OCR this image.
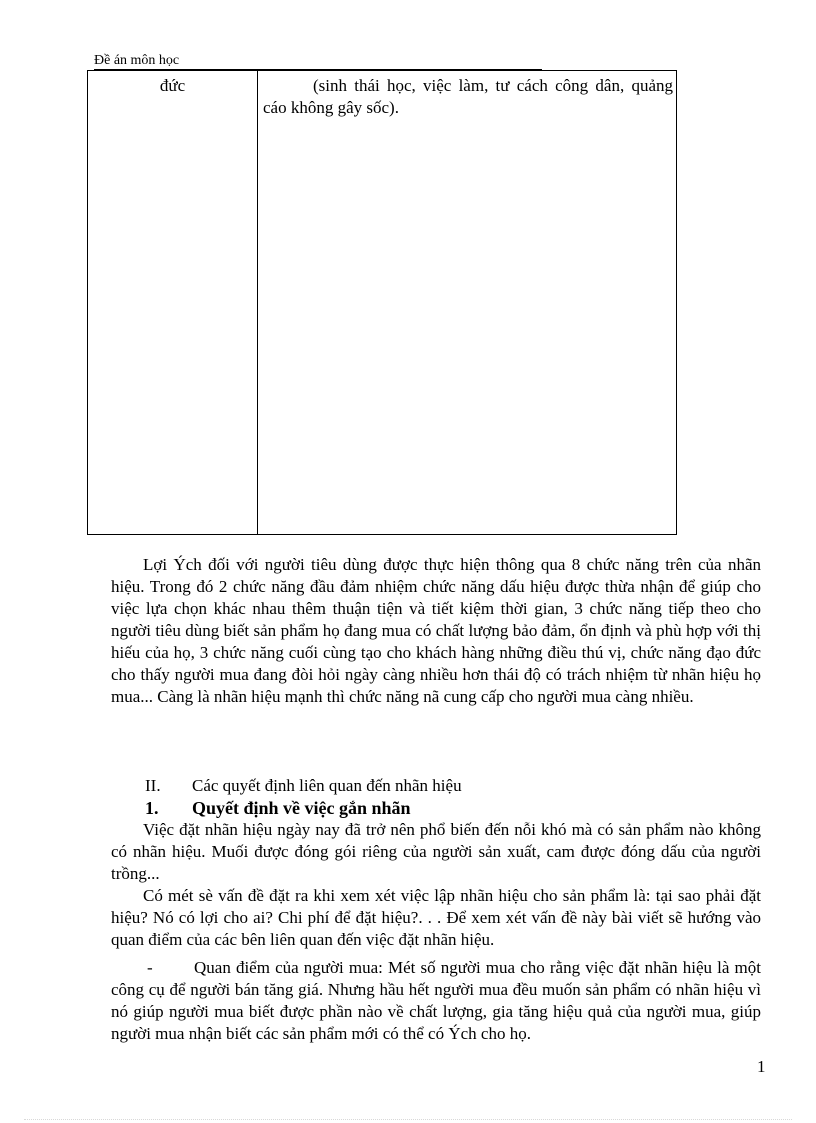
Đề án môn học
đức	(sinh thái học, việc làm, tư cách công dân, quảng cáo không gây sốc).
Lợi Ých đối với người tiêu dùng được thực hiện thông qua 8 chức năng trên của nhãn hiệu. Trong đó 2 chức năng đầu đảm nhiệm chức năng dấu hiệu được thừa nhận để giúp cho việc lựa chọn khác nhau thêm thuận tiện và tiết kiệm thời gian, 3 chức năng tiếp theo cho người tiêu dùng biết sản phẩm họ đang mua có chất lượng bảo đảm, ổn định và phù hợp với thị hiếu của họ, 3 chức năng cuối cùng tạo cho khách hàng những điều thú vị, chức năng đạo đức cho thấy người mua đang đòi hỏi ngày càng nhiều hơn thái độ có trách nhiệm từ nhãn hiệu họ mua... Càng là nhãn hiệu mạnh thì chức năng nã cung cấp cho người mua càng nhiều.
II. Các quyết định liên quan đến nhãn hiệu
1. Quyết định về việc gắn nhãn
Việc đặt nhãn hiệu ngày nay đã trở nên phổ biến đến nỗi khó mà có sản phẩm nào không có nhãn hiệu. Muối được đóng gói riêng của người sản xuất, cam được đóng dấu của người trồng...
Có mét sè vấn đề đặt ra khi xem xét việc lập nhãn hiệu cho sản phẩm là: tại sao phải đặt hiệu? Nó có lợi cho ai? Chi phí để đặt hiệu?. . . Để xem xét vấn đề này bài viết sẽ hướng vào quan điểm của các bên liên quan đến việc đặt nhãn hiệu.
- Quan điểm của người mua: Mét số người mua cho rằng việc đặt nhãn hiệu là một công cụ để người bán tăng giá. Nhưng hầu hết người mua đều muốn sản phẩm có nhãn hiệu vì nó giúp người mua biết được phần nào về chất lượng, gia tăng hiệu quả của người mua, giúp người mua nhận biết các sản phẩm mới có thể có Ých cho họ.
1
